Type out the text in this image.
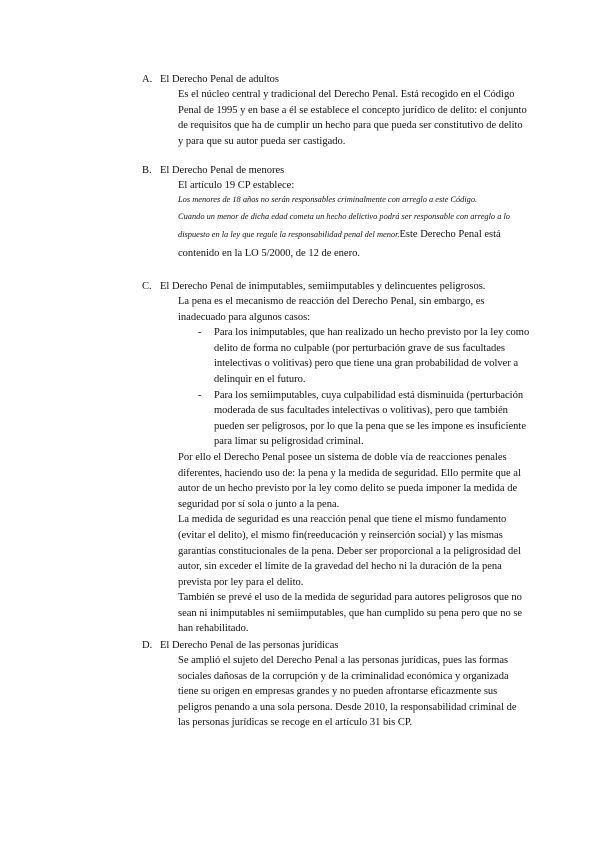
A. El Derecho Penal de adultos

Es el núcleo central y tradicional del Derecho Penal. Está recogido en el Código Penal de 1995 y en base a él se establece el concepto jurídico de delito: el conjunto de requisitos que ha de cumplir un hecho para que pueda ser constitutivo de delito y para que su autor pueda ser castigado.

B. El Derecho Penal de menores

El artículo 19 CP establece:

Los menores de 18 años no serán responsables criminalmente con arreglo a este Código.

Cuando un menor de dicha edad cometa un hecho delictivo podrá ser responsable con arreglo a lo dispuesto en la ley que regule la responsabilidad penal del menor.Este Derecho Penal está contenido en la LO 5/2000, de 12 de enero.

C. El Derecho Penal de inimputables, semiimputables y delincuentes peligrosos.

La pena es el mecanismo de reacción del Derecho Penal, sin embargo, es inadecuado para algunos casos:

- Para los inimputables, que han realizado un hecho previsto por la ley como delito de forma no culpable (por perturbación grave de sus facultades intelectivas o volitivas) pero que tiene una gran probabilidad de volver a delinquir en el futuro.
- Para los semiimputables, cuya culpabilidad está disminuida (perturbación moderada de sus facultades intelectivas o volitivas), pero que también pueden ser peligrosos, por lo que la pena que se les impone es insuficiente para limar su peligrosidad criminal.

Por ello el Derecho Penal posee un sistema de doble vía de reacciones penales diferentes, haciendo uso de: la pena y la medida de seguridad. Ello permite que al autor de un hecho previsto por la ley como delito se pueda imponer la medida de seguridad por sí sola o junto a la pena.

La medida de seguridad es una reacción penal que tiene el mismo fundamento (evitar el delito), el mismo fin(reeducación y reinserción social) y las mismas garantías constitucionales de la pena. Deber ser proporcional a la peligrosidad del autor, sin exceder el límite de la gravedad del hecho ni la duración de la pena prevista por ley para el delito.

También se prevé el uso de la medida de seguridad para autores peligrosos que no sean ni inimputables ni semiimputables, que han cumplido su pena pero que no se han rehabilitado.

D. El Derecho Penal de las personas jurídicas

Se amplió el sujeto del Derecho Penal a las personas jurídicas, pues las formas sociales dañosas de la corrupción y de la criminalidad económica y organizada tiene su origen en empresas grandes y no pueden afrontarse eficazmente sus peligros penando a una sola persona. Desde 2010, la responsabilidad criminal de las personas jurídicas se recoge en el artículo 31 bis CP.
